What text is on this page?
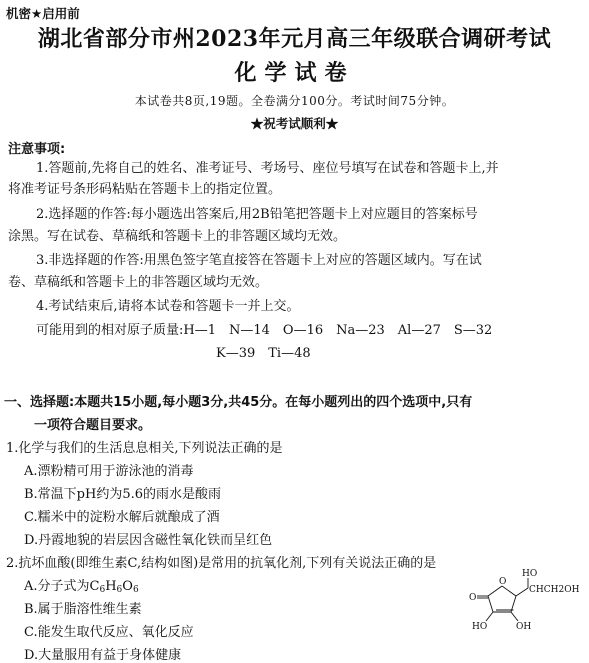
机密★启用前
湖北省部分市州2023年元月高三年级联合调研考试
化学试卷
本试卷共8页,19题。全卷满分100分。考试时间75分钟。
★祝考试顺利★
注意事项:
1.答题前,先将自己的姓名、准考证号、考场号、座位号填写在试卷和答题卡上,并
将准考证号条形码粘贴在答题卡上的指定位置。
2.选择题的作答:每小题选出答案后,用2B铅笔把答题卡上对应题目的答案标号
涂黑。写在试卷、草稿纸和答题卡上的非答题区域均无效。
3.非选择题的作答:用黑色签字笔直接答在答题卡上对应的答题区域内。写在试
卷、草稿纸和答题卡上的非答题区域均无效。
4.考试结束后,请将本试卷和答题卡一并上交。
可能用到的相对原子质量:H—1　N—14　O—16　Na—23　Al—27　S—32
K—39　Ti—48
一、选择题:本题共15小题,每小题3分,共45分。在每小题列出的四个选项中,只有
一项符合题目要求。
1.化学与我们的生活息息相关,下列说法正确的是
A.漂粉精可用于游泳池的消毒
B.常温下pH约为5.6的雨水是酸雨
C.糯米中的淀粉水解后就酿成了酒
D.丹霞地貌的岩层因含磁性氧化铁而呈红色
2.抗坏血酸(即维生素C,结构如图)是常用的抗氧化剂,下列有关说法正确的是
A.分子式为$C_6H_6O_6$
B.属于脂溶性维生素
C.能发生取代反应、氧化反应
D.大量服用有益于身体健康
HO
CHCH2OH
O
O
HO	OH
